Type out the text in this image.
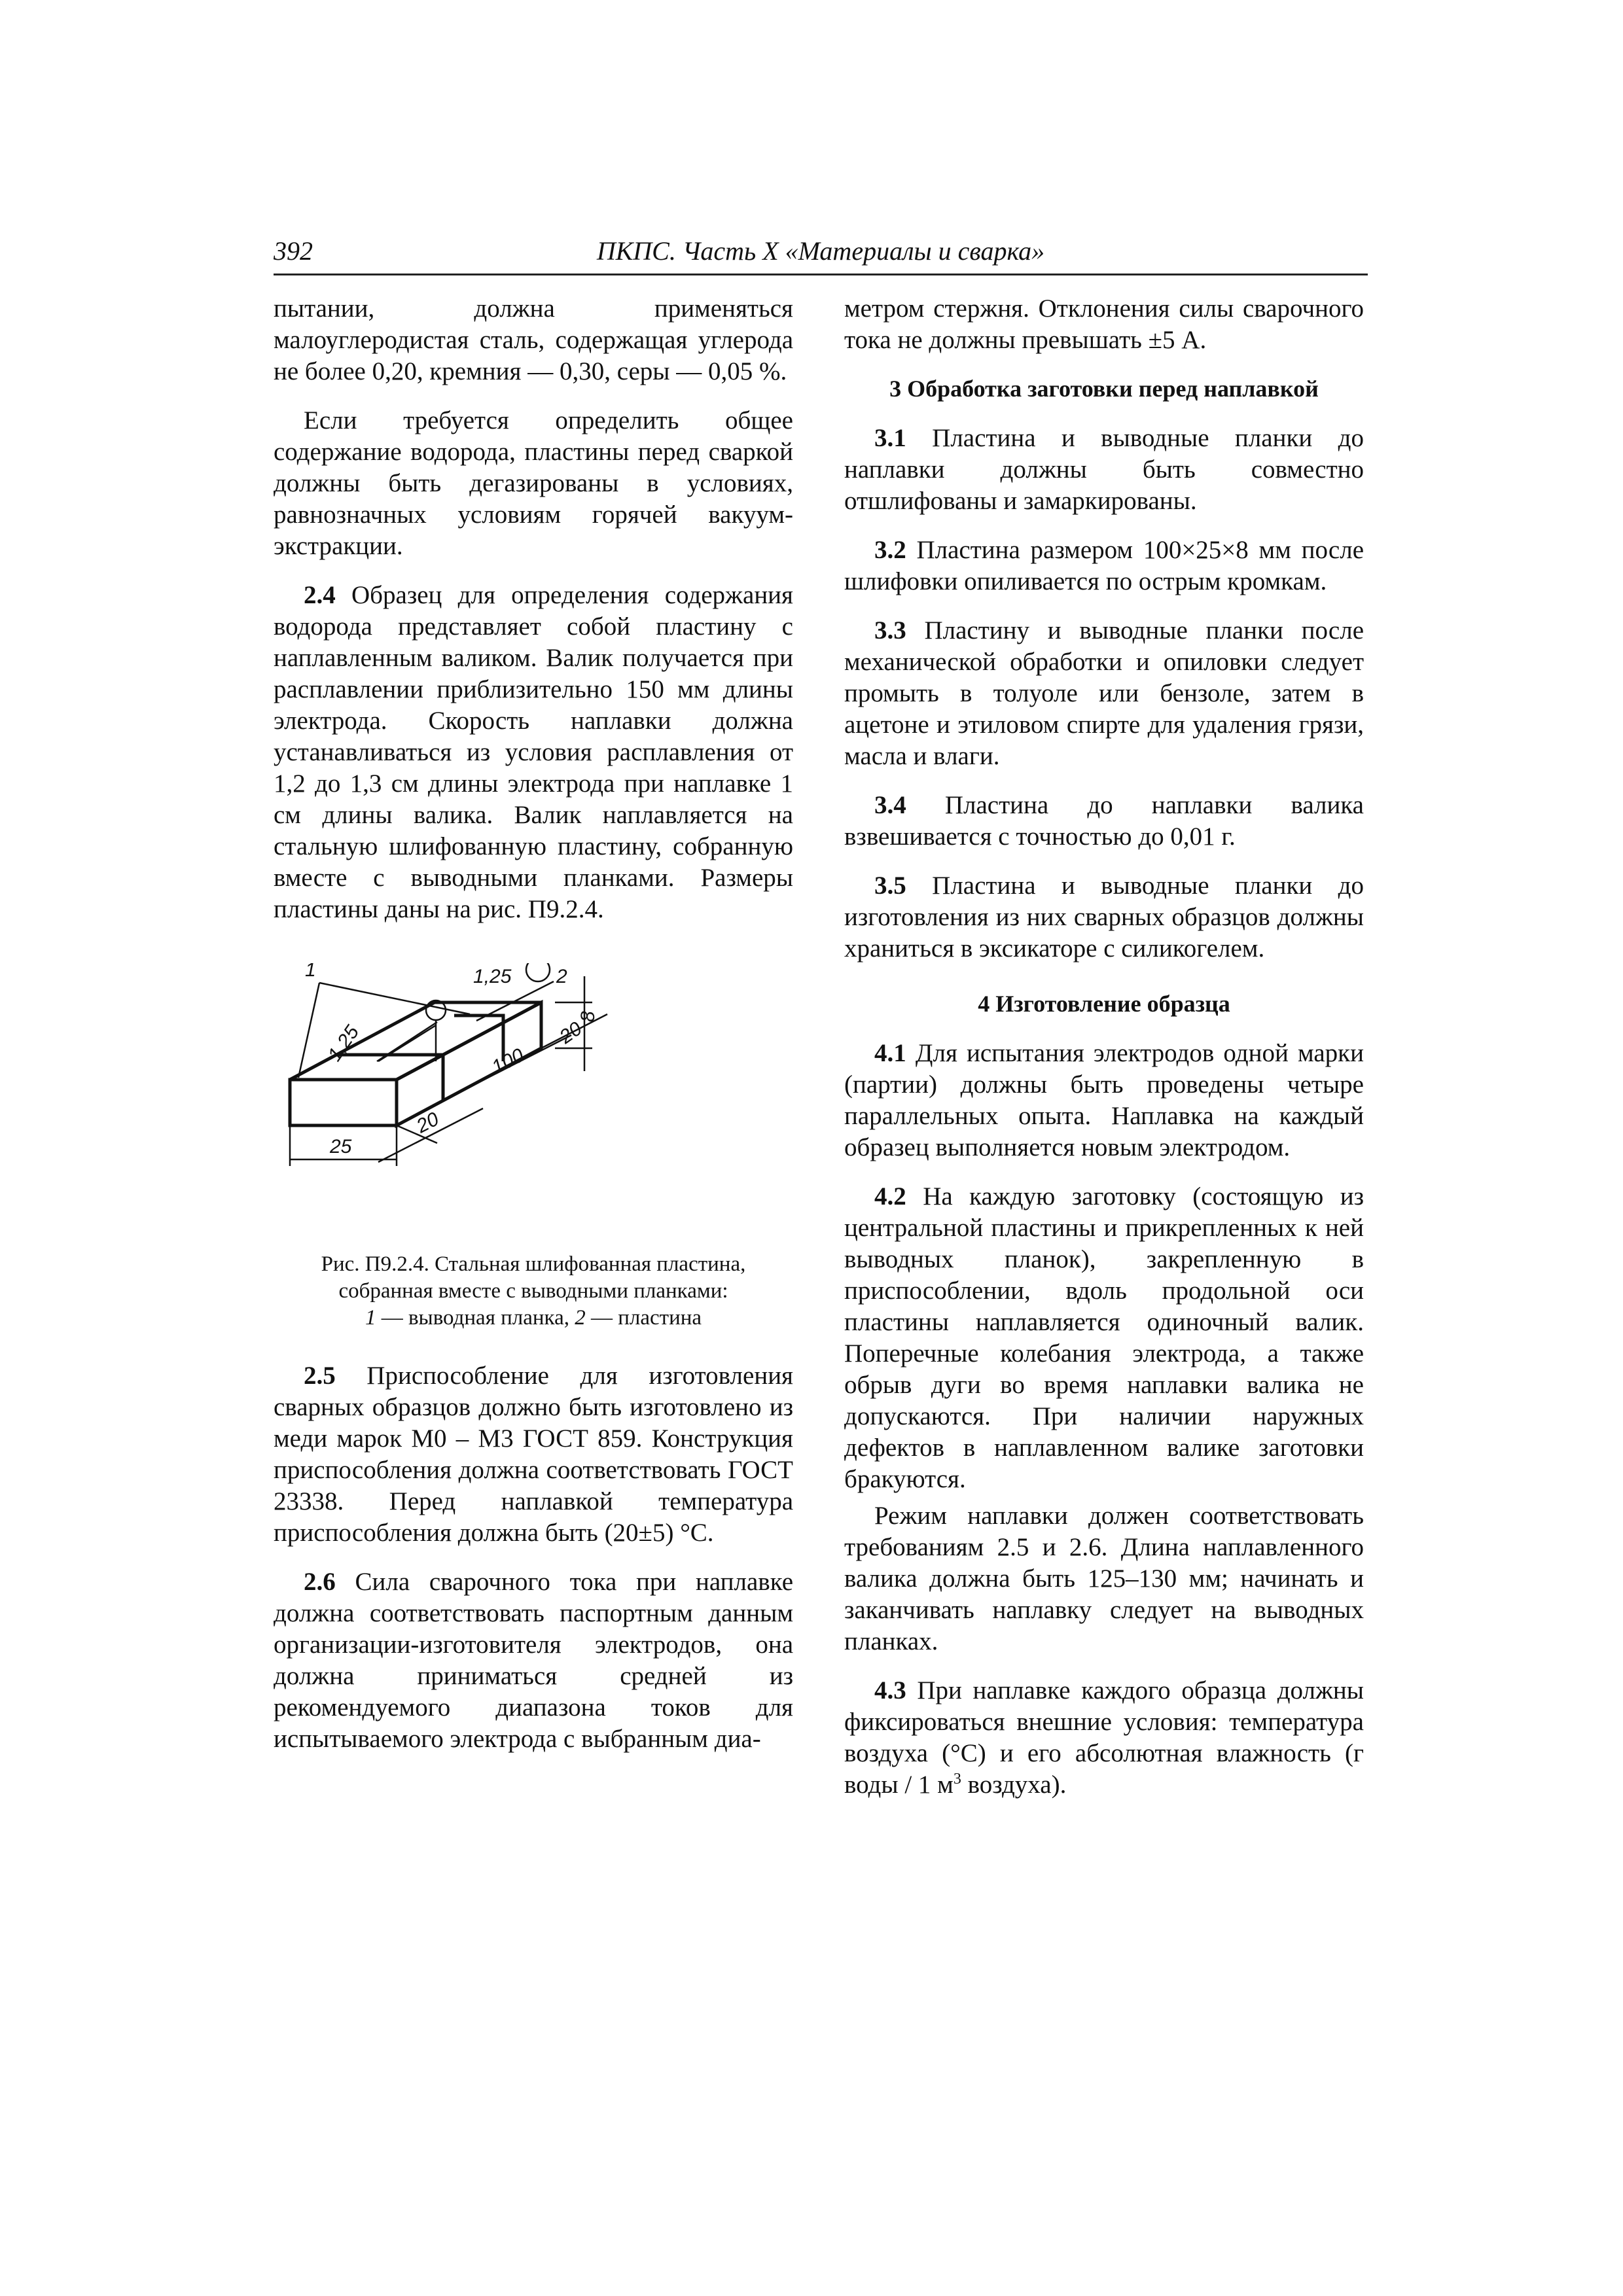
392	ПКПС. Часть X «Материалы и сварка»

пытании, должна применяться малоуглеродистая сталь, содержащая углерода не более 0,20, кремния — 0,30, серы — 0,05 %.

Если требуется определить общее содержание водорода, пластины перед сваркой должны быть дегазированы в условиях, равнозначных условиям горячей вакуум-экстракции.

2.4 Образец для определения содержания водорода представляет собой пластину с наплавленным валиком. Валик получается при расплавлении приблизительно 150 мм длины электрода. Скорость наплавки должна устанавливаться из условия расплавления от 1,2 до 1,3 см длины электрода при наплавке 1 см длины валика. Валик наплавляется на стальную шлифованную пластину, собранную вместе с выводными планками. Размеры пластины даны на рис. П9.2.4.

1	2
1,25
1,25
8
20
100
20
25
Рис. П9.2.4. Стальная шлифованная пластина,
собранная вместе с выводными планками:
1 — выводная планка, 2 — пластина

2.5 Приспособление для изготовления сварных образцов должно быть изготовлено из меди марок М0 – М3 ГОСТ 859. Конструкция приспособления должна соответствовать ГОСТ 23338. Перед наплавкой температура приспособления должна быть (20±5) °С.

2.6 Сила сварочного тока при наплавке должна соответствовать паспортным данным организации-изготовителя электродов, она должна приниматься средней из рекомендуемого диапазона токов для испытываемого электрода с выбранным диа-

метром стержня. Отклонения силы сварочного тока не должны превышать ±5 А.

3 Обработка заготовки перед наплавкой

3.1 Пластина и выводные планки до наплавки должны быть совместно отшлифованы и замаркированы.

3.2 Пластина размером 100×25×8 мм после шлифовки опиливается по острым кромкам.

3.3 Пластину и выводные планки после механической обработки и опиловки следует промыть в толуоле или бензоле, затем в ацетоне и этиловом спирте для удаления грязи, масла и влаги.

3.4 Пластина до наплавки валика взвешивается с точностью до 0,01 г.

3.5 Пластина и выводные планки до изготовления из них сварных образцов должны храниться в эксикаторе с силикогелем.

4 Изготовление образца

4.1 Для испытания электродов одной марки (партии) должны быть проведены четыре параллельных опыта. Наплавка на каждый образец выполняется новым электродом.

4.2 На каждую заготовку (состоящую из центральной пластины и прикрепленных к ней выводных планок), закрепленную в приспособлении, вдоль продольной оси пластины наплавляется одиночный валик. Поперечные колебания электрода, а также обрыв дуги во время наплавки валика не допускаются. При наличии наружных дефектов в наплавленном валике заготовки бракуются.

Режим наплавки должен соответствовать требованиям 2.5 и 2.6. Длина наплавленного валика должна быть 125–130 мм; начинать и заканчивать наплавку следует на выводных планках.

4.3 При наплавке каждого образца должны фиксироваться внешние условия: температура воздуха (°С) и его абсолютная влажность (г воды / 1 $м^3$ воздуха).
